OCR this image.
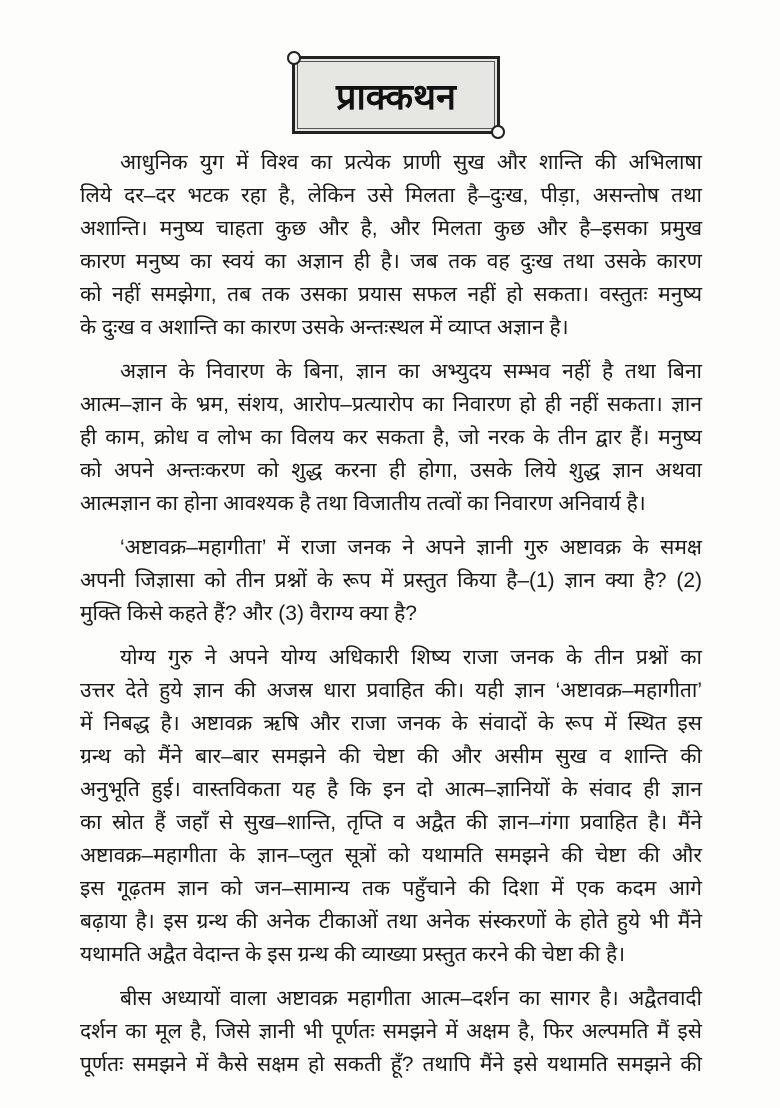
प्राक्कथन
आधुनिक युग में विश्व का प्रत्येक प्राणी सुख और शान्ति की अभिलाषा
लिये दर–दर भटक रहा है, लेकिन उसे मिलता है–दुःख, पीड़ा, असन्तोष तथा
अशान्ति। मनुष्य चाहता कुछ और है, और मिलता कुछ और है–इसका प्रमुख
कारण मनुष्य का स्वयं का अज्ञान ही है। जब तक वह दुःख तथा उसके कारण
को नहीं समझेगा, तब तक उसका प्रयास सफल नहीं हो सकता। वस्तुतः मनुष्य
के दुःख व अशान्ति का कारण उसके अन्तःस्थल में व्याप्त अज्ञान है।
अज्ञान के निवारण के बिना, ज्ञान का अभ्युदय सम्भव नहीं है तथा बिना
आत्म–ज्ञान के भ्रम, संशय, आरोप–प्रत्यारोप का निवारण हो ही नहीं सकता। ज्ञान
ही काम, क्रोध व लोभ का विलय कर सकता है, जो नरक के तीन द्वार हैं। मनुष्य
को अपने अन्तःकरण को शुद्ध करना ही होगा, उसके लिये शुद्ध ज्ञान अथवा
आत्मज्ञान का होना आवश्यक है तथा विजातीय तत्वों का निवारण अनिवार्य है।
‘अष्टावक्र–महागीता’ में राजा जनक ने अपने ज्ञानी गुरु अष्टावक्र के समक्ष
अपनी जिज्ञासा को तीन प्रश्नों के रूप में प्रस्तुत किया है–(1) ज्ञान क्या है? (2)
मुक्ति किसे कहते हैं? और (3) वैराग्य क्या है?
योग्य गुरु ने अपने योग्य अधिकारी शिष्य राजा जनक के तीन प्रश्नों का
उत्तर देते हुये ज्ञान की अजस्र धारा प्रवाहित की। यही ज्ञान ‘अष्टावक्र–महागीता’
में निबद्ध है। अष्टावक्र ऋषि और राजा जनक के संवादों के रूप में स्थित इस
ग्रन्थ को मैंने बार–बार समझने की चेष्टा की और असीम सुख व शान्ति की
अनुभूति हुई। वास्तविकता यह है कि इन दो आत्म–ज्ञानियों के संवाद ही ज्ञान
का स्रोत हैं जहाँ से सुख–शान्ति, तृप्ति व अद्वैत की ज्ञान–गंगा प्रवाहित है। मैंने
अष्टावक्र–महागीता के ज्ञान–प्लुत सूत्रों को यथामति समझने की चेष्टा की और
इस गूढ़तम ज्ञान को जन–सामान्य तक पहुँचाने की दिशा में एक कदम आगे
बढ़ाया है। इस ग्रन्थ की अनेक टीकाओं तथा अनेक संस्करणों के होते हुये भी मैंने
यथामति अद्वैत वेदान्त के इस ग्रन्थ की व्याख्या प्रस्तुत करने की चेष्टा की है।
बीस अध्यायों वाला अष्टावक्र महागीता आत्म–दर्शन का सागर है। अद्वैतवादी
दर्शन का मूल है, जिसे ज्ञानी भी पूर्णतः समझने में अक्षम है, फिर अल्पमति मैं इसे
पूर्णतः समझने में कैसे सक्षम हो सकती हूँ? तथापि मैंने इसे यथामति समझने की
